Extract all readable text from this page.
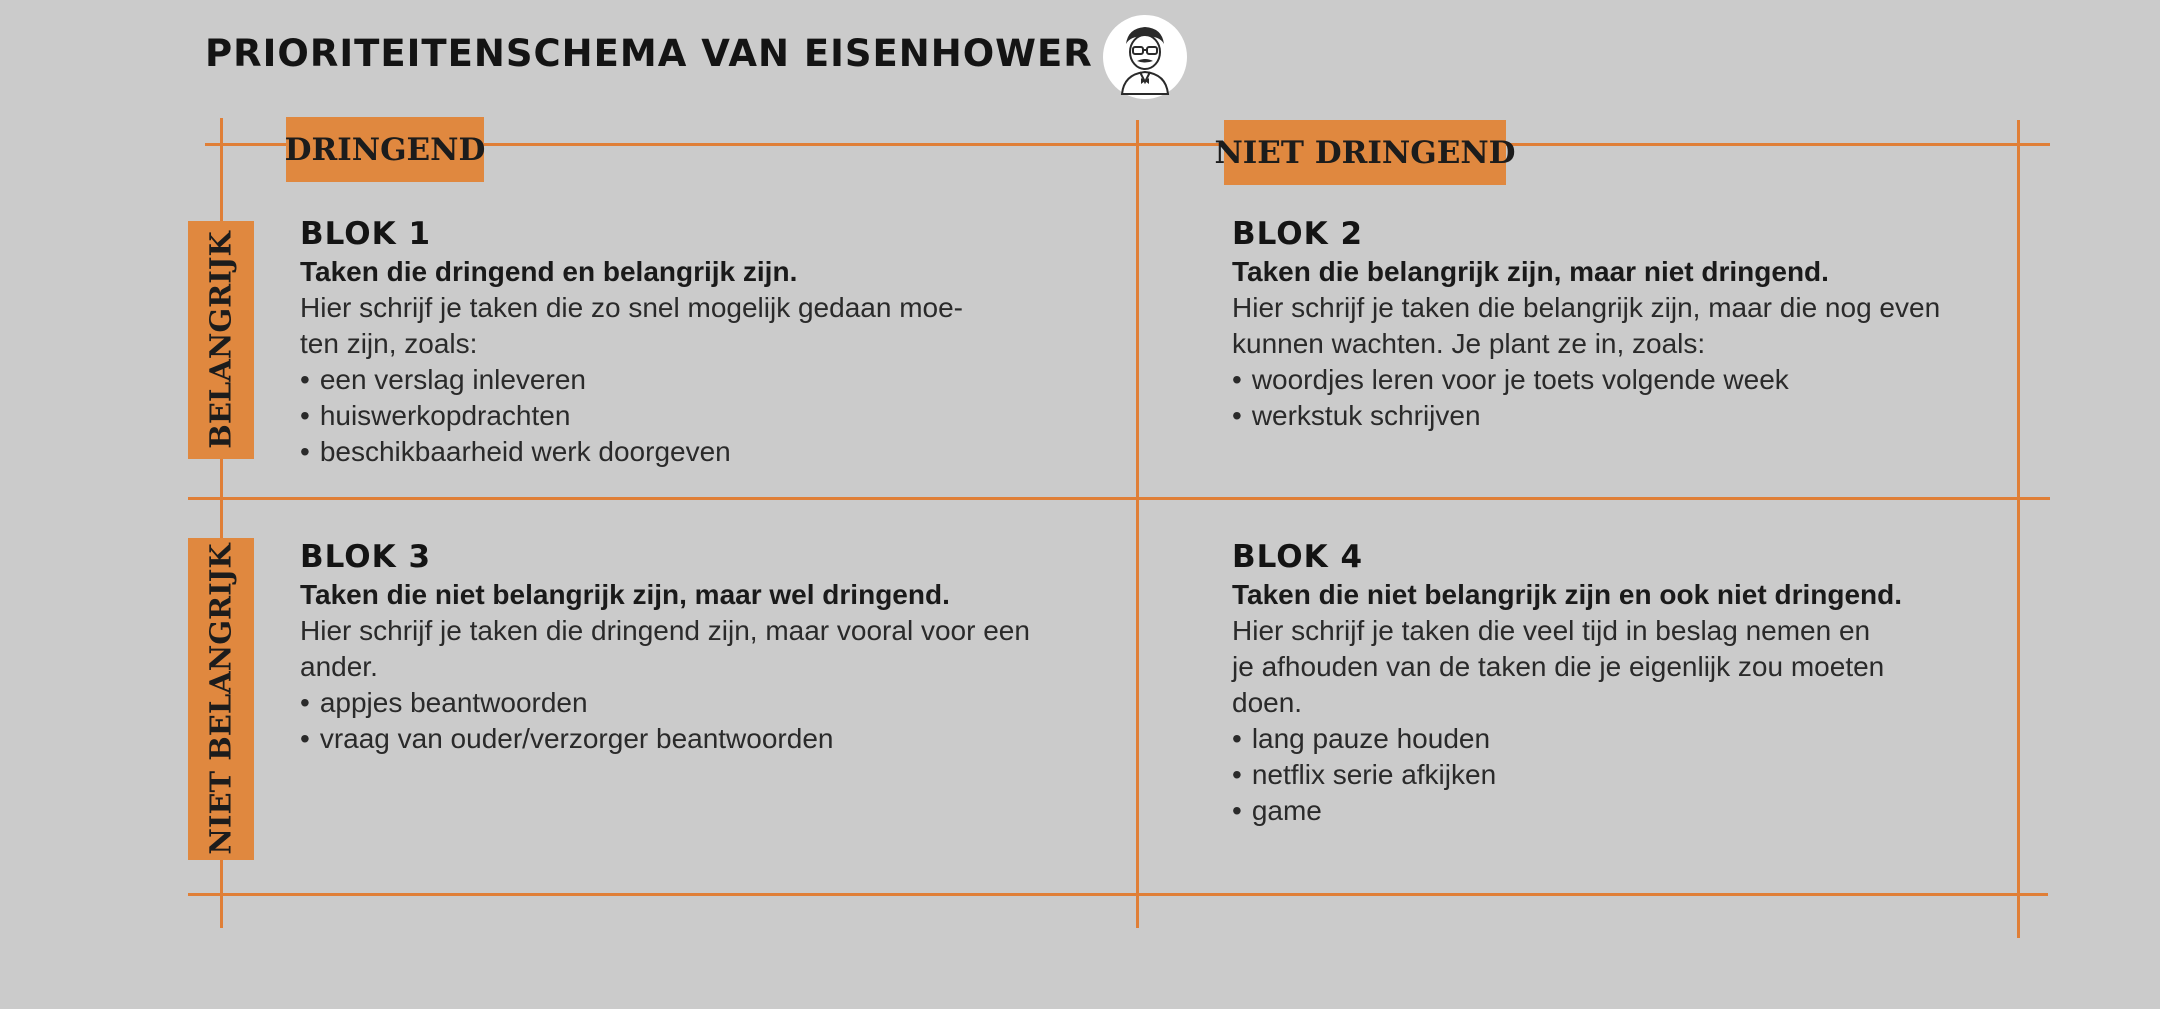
PRIORITEITENSCHEMA VAN EISENHOWER
DRINGEND	NIET DRINGEND
BELANGRIJK
NIET BELANGRIJK
BLOK 1
Taken die dringend en belangrijk zijn.
Hier schrijf je taken die zo snel mogelijk gedaan moe-
ten zijn, zoals:
• een verslag inleveren
• huiswerkopdrachten
• beschikbaarheid werk doorgeven
BLOK 2
Taken die belangrijk zijn, maar niet dringend.
Hier schrijf je taken die belangrijk zijn, maar die nog even
kunnen wachten. Je plant ze in, zoals:
• woordjes leren voor je toets volgende week
• werkstuk schrijven
BLOK 3
Taken die niet belangrijk zijn, maar wel dringend.
Hier schrijf je taken die dringend zijn, maar vooral voor een
ander.
• appjes beantwoorden
• vraag van ouder/verzorger beantwoorden
BLOK 4
Taken die niet belangrijk zijn en ook niet dringend.
Hier schrijf je taken die veel tijd in beslag nemen en
je afhouden van de taken die je eigenlijk zou moeten
doen.
• lang pauze houden
• netflix serie afkijken
• game
